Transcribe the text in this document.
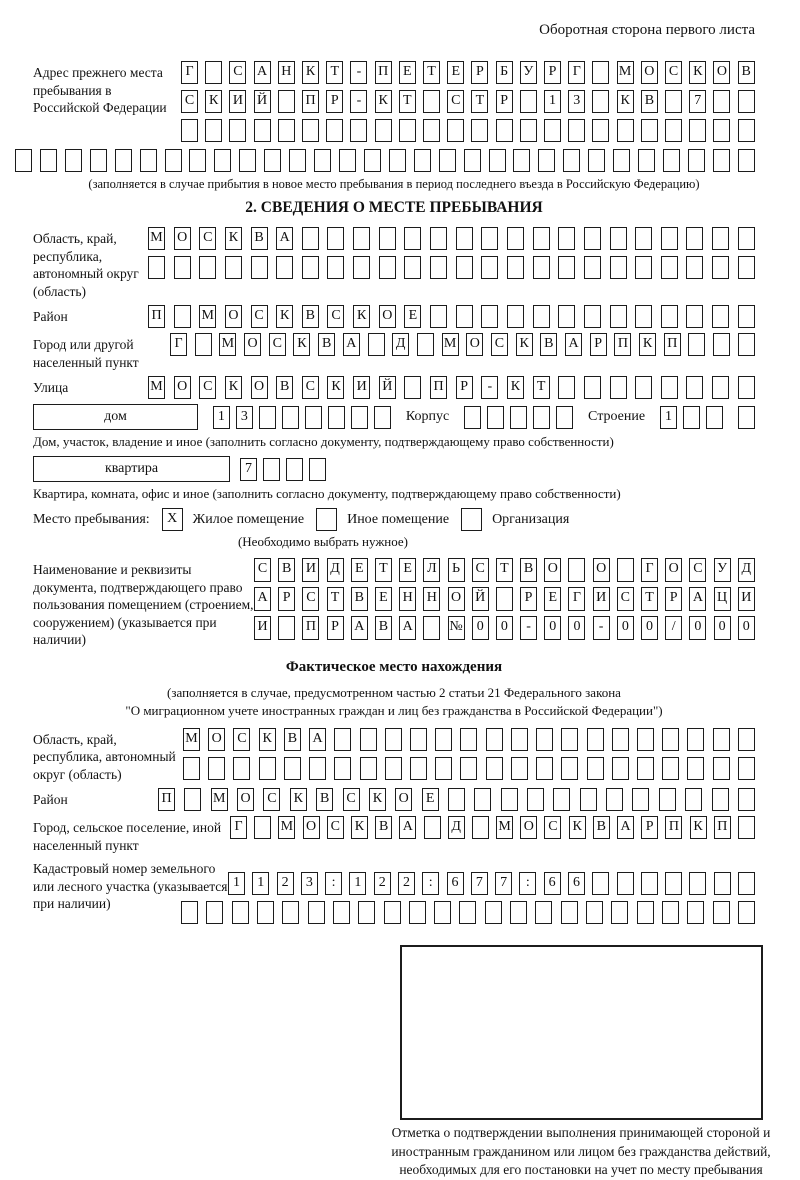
Оборотная сторона первого листа
Адрес прежнего места пребывания в Российской Федерации
Г	С А Н К	Т	-	П	Е	Т	Е	Р	Б	У	Р	Г	М О С К О В
С К И Й	П	Р	-	К	Т	С	Т	Р	1	3	К В	7
(заполняется в случае прибытия в новое место пребывания в период последнего въезда в Российскую Федерацию)
2. СВЕДЕНИЯ О МЕСТЕ ПРЕБЫВАНИЯ
Область, край, республика, автономный округ (область)
М О С К В А
Район	П	М О С К В С К О	Е
Город или другой населенный пункт
Г	М О С К В А	Д	М О С К В А	Р	П К П
Улица	М О С К О В С К И Й	П	Р	-	К	Т
дом	1	3	Корпус	Строение	1
Дом, участок, владение и иное (заполнить согласно документу, подтверждающему право собственности)
квартира	7
Квартира, комната, офис и иное (заполнить согласно документу, подтверждающему право собственности)
Место пребывания:	X	Жилое помещение	Иное помещение	Организация
(Необходимо выбрать нужное)
Наименование и реквизиты документа, подтверждающего право пользования помещением (строением, сооружением) (указывается при наличии)
С В И Д	Е	Т	Е	Л	Ь	С	Т	В О	О	Г	О С У Д
А	Р	С	Т	В	Е	Н Н О Й	Р	Е	Г	И С	Т	Р	А Ц И
И	П	Р	А В А	№	0	0	-	0	0	-	0	0	/	0	0	0
Фактическое место нахождения
(заполняется в случае, предусмотренном частью 2 статьи 21 Федерального закона
"О миграционном учете иностранных граждан и лиц без гражданства в Российской Федерации")
Область, край, республика, автономный округ (область)
М О С К В А
Район	П	М О С К В С К О	Е
Город, сельское поселение, иной населенный пункт
Г	М О С К В А	Д	М О С К В А	Р	П К П
Кадастровый номер земельного или лесного участка (указывается при наличии)
1	1	2	3	:	1	2	2	:	6	7	7	:	6	6
Отметка о подтверждении выполнения принимающей стороной и иностранным гражданином или лицом без гражданства действий, необходимых для его постановки на учет по месту пребывания
